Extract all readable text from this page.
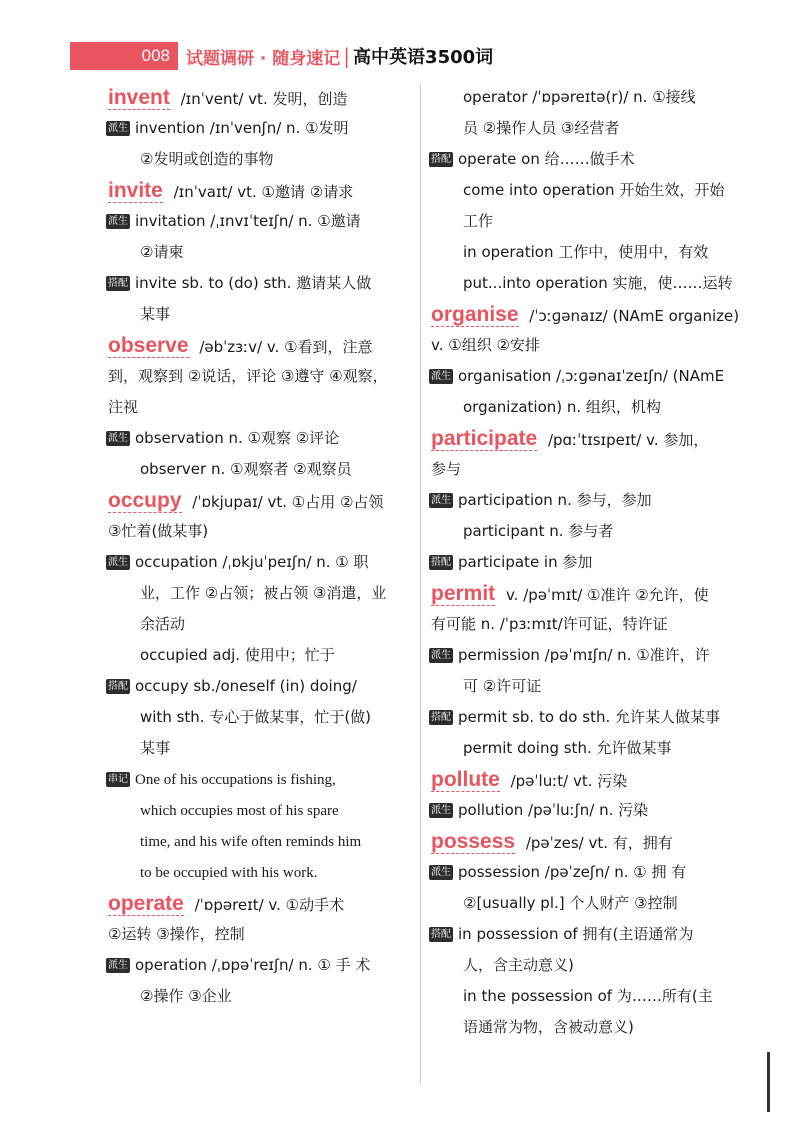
008 试题调研 · 随身速记 | 高中英语3500词
invent /ɪnˈvent/ vt. 发明，创造
派生 invention /ɪnˈvenʃn/ n. ①发明
②发明或创造的事物
invite /ɪnˈvaɪt/ vt. ①邀请 ②请求
派生 invitation /ˌɪnvɪˈteɪʃn/ n. ①邀请
②请柬
搭配 invite sb. to (do) sth. 邀请某人做
某事
observe /əbˈzɜːv/ v. ①看到，注意
到，观察到 ②说话，评论 ③遵守 ④观察，
注视
派生 observation n. ①观察 ②评论
observer n. ①观察者 ②观察员
occupy /ˈɒkjupaɪ/ vt. ①占用 ②占领
③忙着(做某事)
派生 occupation /ˌɒkjuˈpeɪʃn/ n. ① 职
业，工作 ②占领；被占领 ③消遣，业
余活动
occupied adj. 使用中；忙于
搭配 occupy sb./oneself (in) doing/
with sth. 专心于做某事，忙于(做)
某事
串记 One of his occupations is fishing,
which occupies most of his spare
time, and his wife often reminds him
to be occupied with his work.
operate /ˈɒpəreɪt/ v. ①动手术
②运转 ③操作，控制
派生 operation /ˌɒpəˈreɪʃn/ n. ① 手 术
②操作 ③企业
operator /ˈɒpəreɪtə(r)/ n. ①接线
员 ②操作人员 ③经营者
搭配 operate on 给……做手术
come into operation 开始生效，开始
工作
in operation 工作中，使用中，有效
put...into operation 实施，使……运转
organise /ˈɔːɡənaɪz/ (NAmE organize)
v. ①组织 ②安排
派生 organisation /ˌɔːɡənaɪˈzeɪʃn/ (NAmE
organization) n. 组织，机构
participate /pɑːˈtɪsɪpeɪt/ v. 参加，
参与
派生 participation n. 参与，参加
participant n. 参与者
搭配 participate in 参加
permit v. /pəˈmɪt/ ①准许 ②允许，使
有可能 n. /ˈpɜːmɪt/许可证，特许证
派生 permission /pəˈmɪʃn/ n. ①准许，许
可 ②许可证
搭配 permit sb. to do sth. 允许某人做某事
permit doing sth. 允许做某事
pollute /pəˈluːt/ vt. 污染
派生 pollution /pəˈluːʃn/ n. 污染
possess /pəˈzes/ vt. 有，拥有
派生 possession /pəˈzeʃn/ n. ① 拥 有
②[usually pl.] 个人财产 ③控制
搭配 in possession of 拥有(主语通常为
人，含主动意义)
in the possession of 为……所有(主
语通常为物，含被动意义)
